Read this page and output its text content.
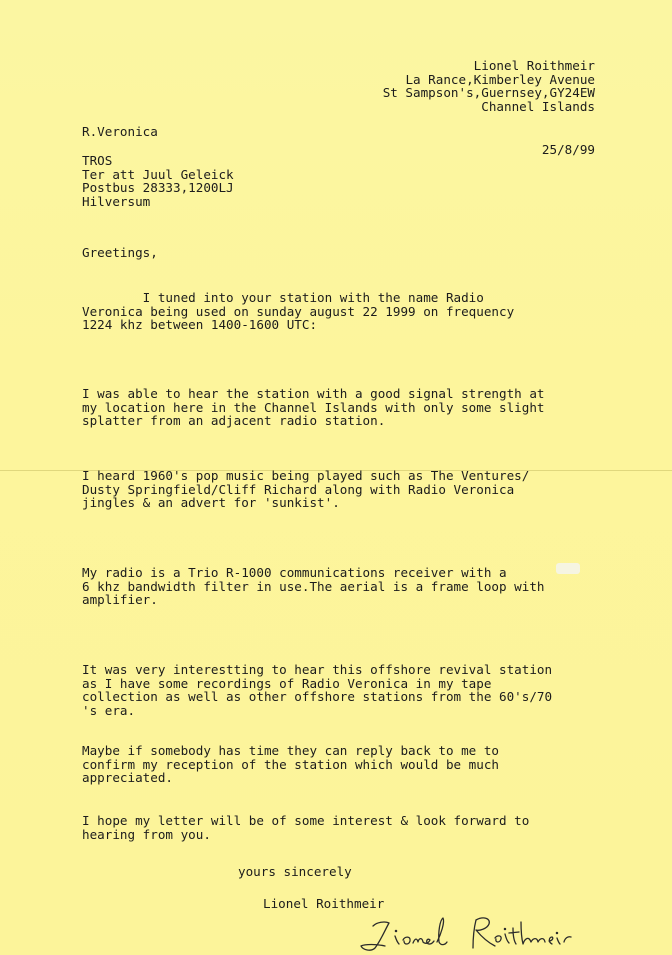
Lionel Roithmeir
La Rance,Kimberley Avenue
St Sampson's,Guernsey,GY24EW
Channel Islands
R.Veronica
25/8/99
TROS
Ter att Juul Geleick
Postbus 28333,1200LJ
Hilversum
Greetings,
I tuned into your station with the name Radio
Veronica being used on sunday august 22 1999 on frequency
1224 khz between 1400-1600 UTC:
I was able to hear the station with a good signal strength at
my location here in the Channel Islands with only some slight
splatter from an adjacent radio station.
I heard 1960's pop music being played such as The Ventures/
Dusty Springfield/Cliff Richard along with Radio Veronica
jingles & an advert for 'sunkist'.
My radio is a Trio R-1000 communications receiver with a
6 khz bandwidth filter in use.The aerial is a frame loop with
amplifier.
It was very interestting to hear this offshore revival station
as I have some recordings of Radio Veronica in my tape
collection as well as other offshore stations from the 60's/70
's era.
Maybe if somebody has time they can reply back to me to
confirm my reception of the station which would be much
appreciated.
I hope my letter will be of some interest & look forward to
hearing from you.
yours sincerely
Lionel Roithmeir
